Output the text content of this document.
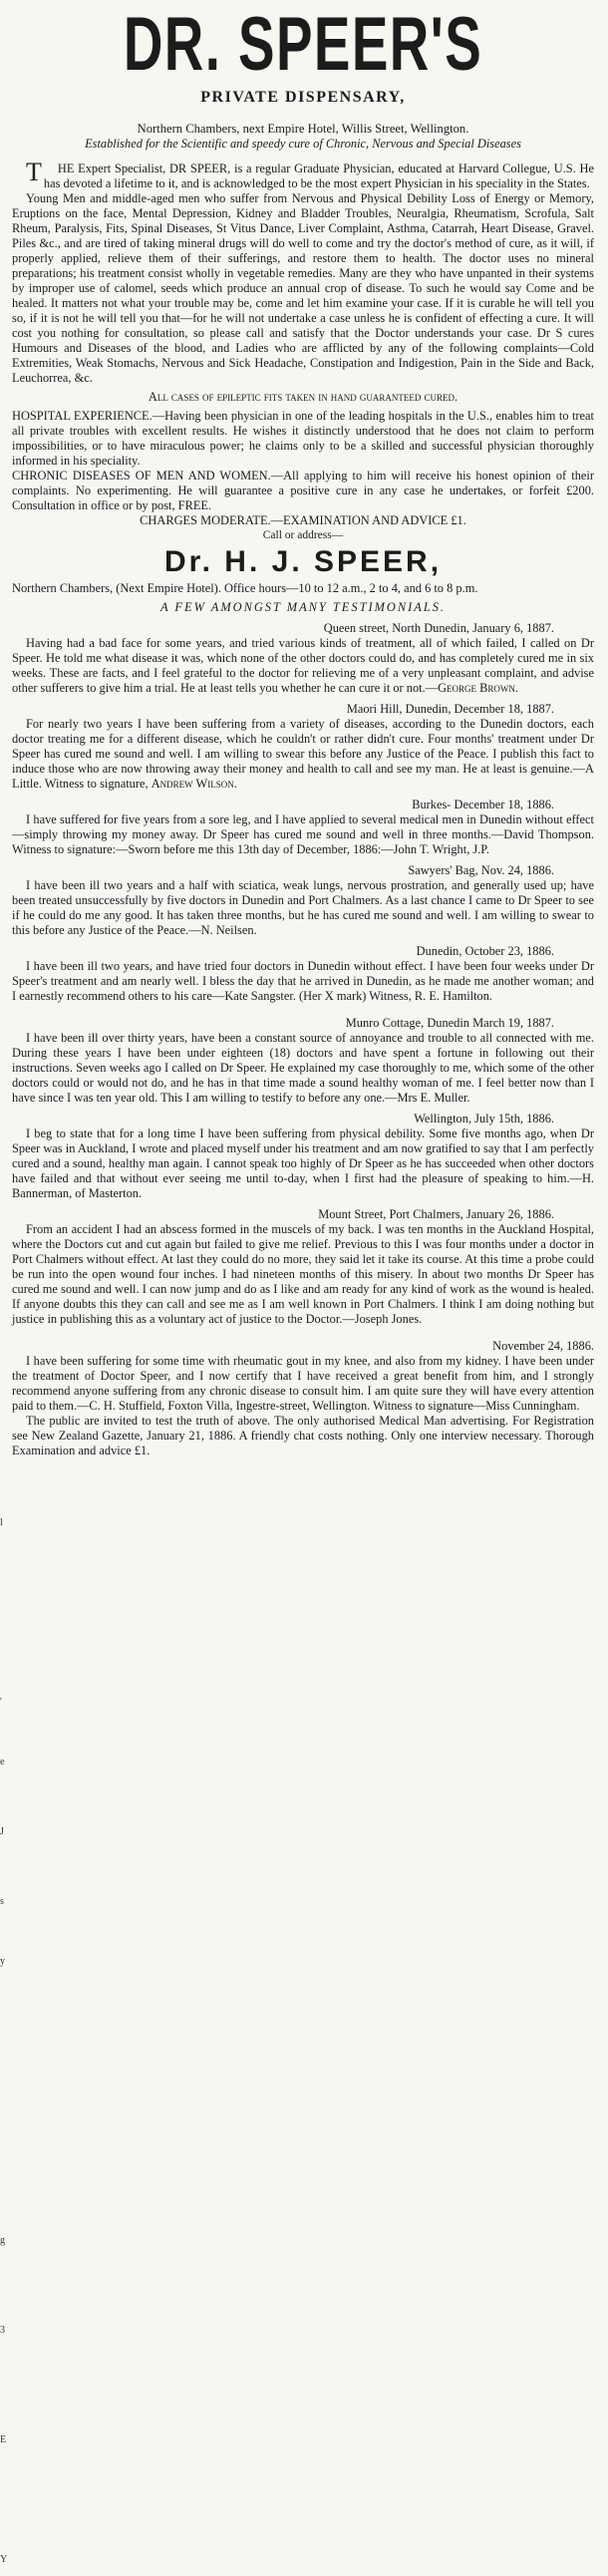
l
'
e
J
s
y
g
3
E
Y
DR. SPEER'S
PRIVATE DISPENSARY,
Northern Chambers, next Empire Hotel, Willis Street, Wellington.
Established for the Scientific and speedy cure of Chronic, Nervous and Special Diseases

THE Expert Specialist, DR SPEER, is a regular Graduate Physician, educated at Harvard Collegue, U.S. He has devoted a lifetime to it, and is acknowledged to be the most expert Physician in his speciality in the States.

Young Men and middle-aged men who suffer from Nervous and Physical Debility Loss of Energy or Memory, Eruptions on the face, Mental Depression, Kidney and Bladder Troubles, Neuralgia, Rheumatism, Scrofula, Salt Rheum, Paralysis, Fits, Spinal Diseases, St Vitus Dance, Liver Complaint, Asthma, Catarrah, Heart Disease, Gravel. Piles &c., and are tired of taking mineral drugs will do well to come and try the doctor's method of cure, as it will, if properly applied, relieve them of their sufferings, and restore them to health. The doctor uses no mineral preparations; his treatment consist wholly in vegetable remedies. Many are they who have unpanted in their systems by improper use of calomel, seeds which produce an annual crop of disease. To such he would say Come and be healed. It matters not what your trouble may be, come and let him examine your case. If it is curable he will tell you so, if it is not he will tell you that—for he will not undertake a case unless he is confident of effecting a cure. It will cost you nothing for consultation, so please call and satisfy that the Doctor understands your case. Dr S cures Humours and Diseases of the blood, and Ladies who are afflicted by any of the following complaints—Cold Extremities, Weak Stomachs, Nervous and Sick Headache, Constipation and Indigestion, Pain in the Side and Back, Leuchorrea, &c.

All cases of epileptic fits taken in hand guaranteed cured.

HOSPITAL EXPERIENCE.—Having been physician in one of the leading hospitals in the U.S., enables him to treat all private troubles with excellent results. He wishes it distinctly understood that he does not claim to perform impossibilities, or to have miraculous power; he claims only to be a skilled and successful physician thoroughly informed in his speciality.

CHRONIC DISEASES OF MEN AND WOMEN.—All applying to him will receive his honest opinion of their complaints. No experimenting. He will guarantee a positive cure in any case he undertakes, or forfeit £200. Consultation in office or by post, FREE.

CHARGES MODERATE.—EXAMINATION AND ADVICE £1.

Call or address—

Dr. H. J. SPEER,

Northern Chambers, (Next Empire Hotel). Office hours—10 to 12 a.m., 2 to 4, and 6 to 8 p.m.

A FEW AMONGST MANY TESTIMONIALS.

Queen street, North Dunedin, January 6, 1887.

Having had a bad face for some years, and tried various kinds of treatment, all of which failed, I called on Dr Speer. He told me what disease it was, which none of the other doctors could do, and has completely cured me in six weeks. These are facts, and I feel grateful to the doctor for relieving me of a very unpleasant complaint, and advise other sufferers to give him a trial. He at least tells you whether he can cure it or not.—George Brown.

Maori Hill, Dunedin, December 18, 1887.

For nearly two years I have been suffering from a variety of diseases, according to the Dunedin doctors, each doctor treating me for a different disease, which he couldn't or rather didn't cure. Four months' treatment under Dr Speer has cured me sound and well. I am willing to swear this before any Justice of the Peace. I publish this fact to induce those who are now throwing away their money and health to call and see my man. He at least is genuine.—A Little. Witness to signature, Andrew Wilson.

Burkes- December 18, 1886.

I have suffered for five years from a sore leg, and I have applied to several medical men in Dunedin without effect—simply throwing my money away. Dr Speer has cured me sound and well in three months.—David Thompson. Witness to signature:—Sworn before me this 13th day of December, 1886:—John T. Wright, J.P.

Sawyers' Bag, Nov. 24, 1886.

I have been ill two years and a half with sciatica, weak lungs, nervous prostration, and generally used up; have been treated unsuccessfully by five doctors in Dunedin and Port Chalmers. As a last chance I came to Dr Speer to see if he could do me any good. It has taken three months, but he has cured me sound and well. I am willing to swear to this before any Justice of the Peace.—N. Neilsen.

Dunedin, October 23, 1886.

I have been ill two years, and have tried four doctors in Dunedin without effect. I have been four weeks under Dr Speer's treatment and am nearly well. I bless the day that he arrived in Dunedin, as he made me another woman; and I earnestly recommend others to his care—Kate Sangster. (Her X mark) Witness, R. E. Hamilton.

Munro Cottage, Dunedin March 19, 1887.

I have been ill over thirty years, have been a constant source of annoyance and trouble to all connected with me. During these years I have been under eighteen (18) doctors and have spent a fortune in following out their instructions. Seven weeks ago I called on Dr Speer. He explained my case thoroughly to me, which some of the other doctors could or would not do, and he has in that time made a sound healthy woman of me. I feel better now than I have since I was ten year old. This I am willing to testify to before any one.—Mrs E. Muller.

Wellington, July 15th, 1886.

I beg to state that for a long time I have been suffering from physical debility. Some five months ago, when Dr Speer was in Auckland, I wrote and placed myself under his treatment and am now gratified to say that I am perfectly cured and a sound, healthy man again. I cannot speak too highly of Dr Speer as he has succeeded when other doctors have failed and that without ever seeing me until to-day, when I first had the pleasure of speaking to him.—H. Bannerman, of Masterton.

Mount Street, Port Chalmers, January 26, 1886.

From an accident I had an abscess formed in the muscels of my back. I was ten months in the Auckland Hospital, where the Doctors cut and cut again but failed to give me relief. Previous to this I was four months under a doctor in Port Chalmers without effect. At last they could do no more, they said let it take its course. At this time a probe could be run into the open wound four inches. I had nineteen months of this misery. In about two months Dr Speer has cured me sound and well. I can now jump and do as I like and am ready for any kind of work as the wound is healed. If anyone doubts this they can call and see me as I am well known in Port Chalmers. I think I am doing nothing but justice in publishing this as a voluntary act of justice to the Doctor.—Joseph Jones.

November 24, 1886.

I have been suffering for some time with rheumatic gout in my knee, and also from my kidney. I have been under the treatment of Doctor Speer, and I now certify that I have received a great benefit from him, and I strongly recommend anyone suffering from any chronic disease to consult him. I am quite sure they will have every attention paid to them.—C. H. Stuffield, Foxton Villa, Ingestre-street, Wellington. Witness to signature—Miss Cunningham.

The public are invited to test the truth of above. The only authorised Medical Man advertising. For Registration see New Zealand Gazette, January 21, 1886. A friendly chat costs nothing. Only one interview necessary. Thorough Examination and advice £1.
